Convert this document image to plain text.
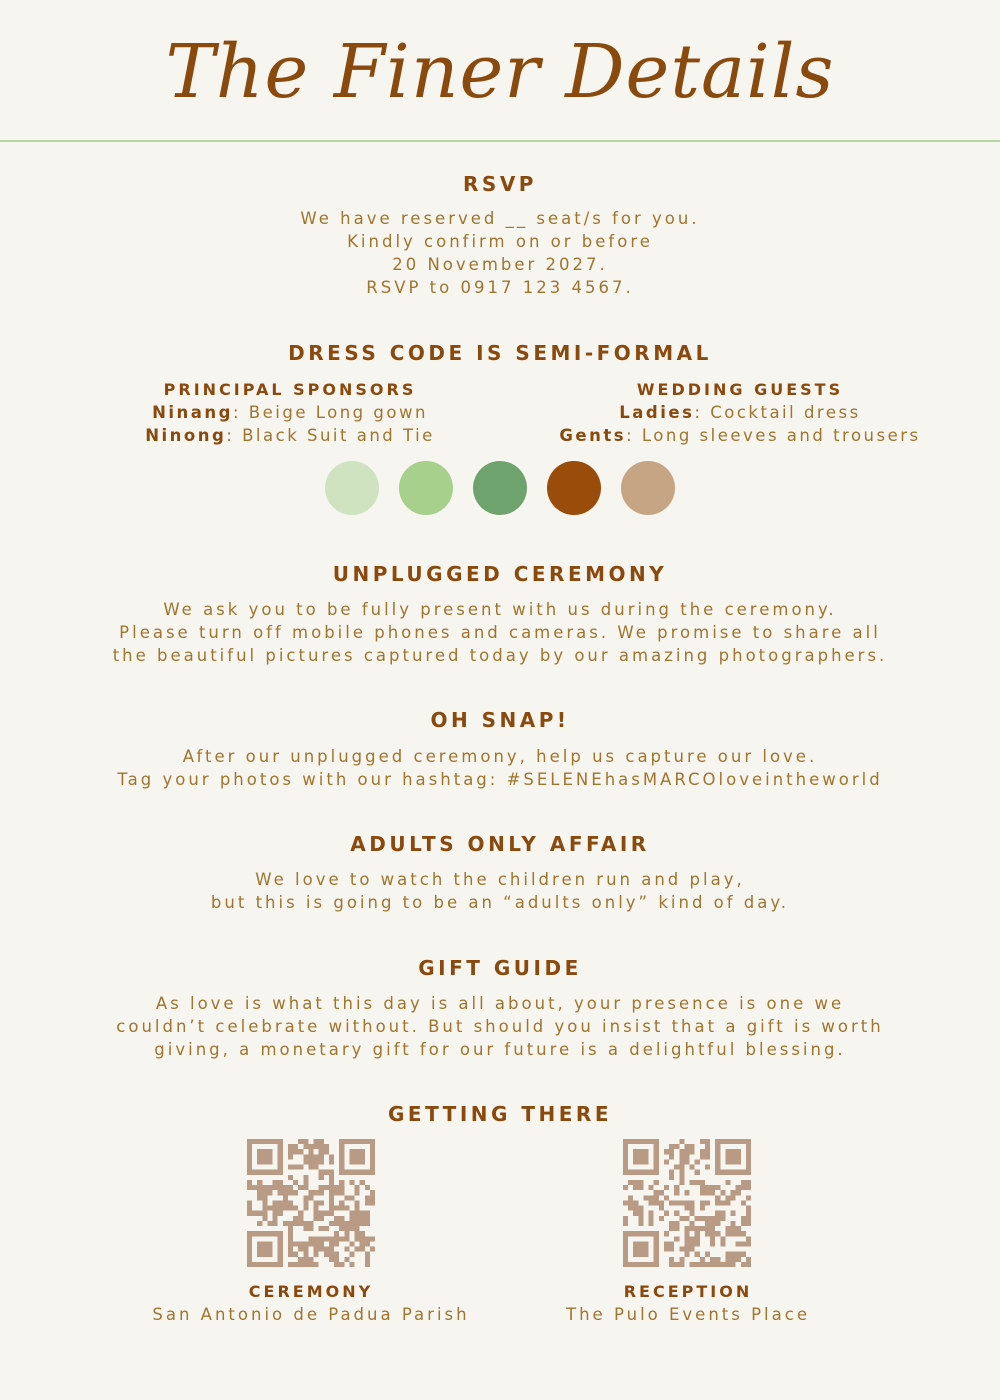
The Finer Details
RSVP
We have reserved __ seat/s for you.
Kindly confirm on or before
20 November 2027.
RSVP to 0917 123 4567.
DRESS CODE IS SEMI-FORMAL
PRINCIPAL SPONSORS
Ninang: Beige Long gown
Ninong: Black Suit and Tie
WEDDING GUESTS
Ladies: Cocktail dress
Gents: Long sleeves and trousers
UNPLUGGED CEREMONY
We ask you to be fully present with us during the ceremony.
Please turn off mobile phones and cameras. We promise to share all
the beautiful pictures captured today by our amazing photographers.
OH SNAP!
After our unplugged ceremony, help us capture our love.
Tag your photos with our hashtag: #SELENEhasMARCOloveintheworld
ADULTS ONLY AFFAIR
We love to watch the children run and play,
but this is going to be an “adults only” kind of day.
GIFT GUIDE
As love is what this day is all about, your presence is one we
couldn’t celebrate without. But should you insist that a gift is worth
giving, a monetary gift for our future is a delightful blessing.
GETTING THERE
CEREMONY
San Antonio de Padua Parish
RECEPTION
The Pulo Events Place
